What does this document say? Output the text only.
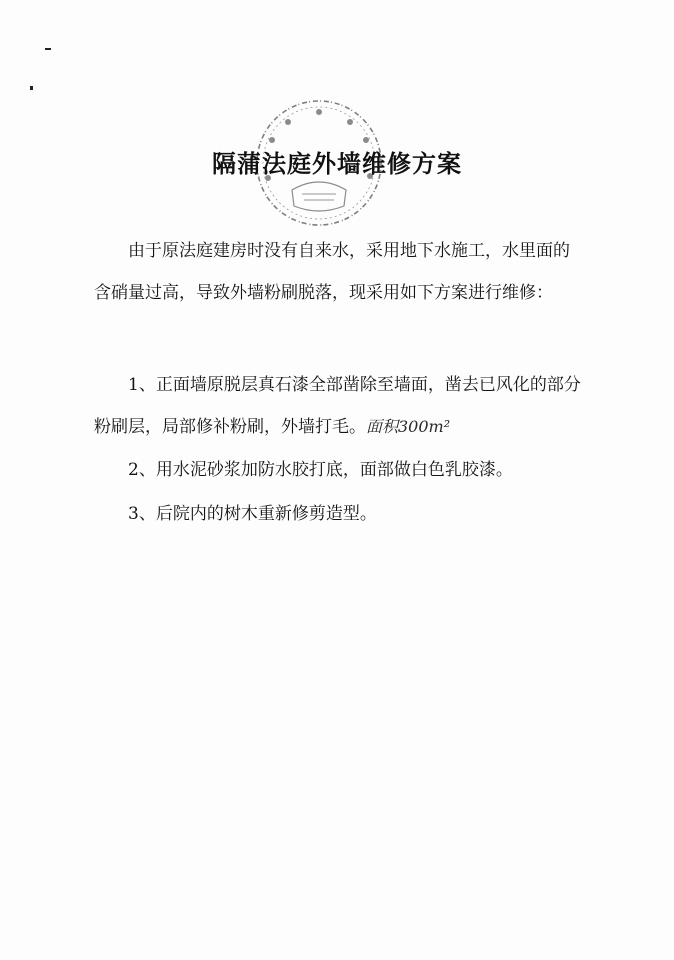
隔蒲法庭外墙维修方案

由于原法庭建房时没有自来水，采用地下水施工，水里面的含硝量过高，导致外墙粉刷脱落，现采用如下方案进行维修：

1、正面墙原脱层真石漆全部凿除至墙面，凿去已风化的部分粉刷层，局部修补粉刷，外墙打毛。面积300m²

2、用水泥砂浆加防水胶打底，面部做白色乳胶漆。

3、后院内的树木重新修剪造型。
